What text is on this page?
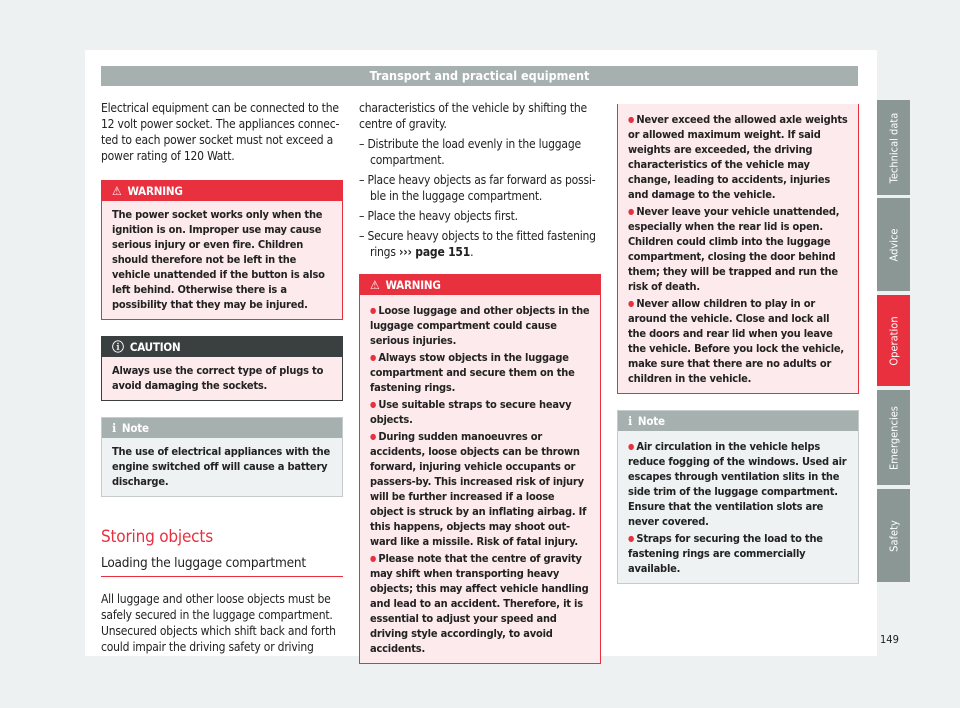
Transport and practical equipment

Electrical equipment can be connected to the 12 volt power socket. The appliances connected to each power socket must not exceed a power rating of 120 Watt.

⚠ WARNING
The power socket works only when the ignition is on. Improper use may cause serious injury or even fire. Children should therefore not be left in the vehicle unattended if the button is also left behind. Otherwise there is a possibility that they may be injured.
ⓘ CAUTION
Always use the correct type of plugs to avoid damaging the sockets.
ℹ Note
The use of electrical appliances with the engine switched off will cause a battery discharge.
Storing objects
Loading the luggage compartment

All luggage and other loose objects must be safely secured in the luggage compartment. Unsecured objects which shift back and forth could impair the driving safety or driving

characteristics of the vehicle by shifting the centre of gravity.

– Distribute the load evenly in the luggage compartment.

– Place heavy objects as far forward as possible in the luggage compartment.

– Place the heavy objects first.

– Secure heavy objects to the fitted fastening rings ››› page 151.

⚠ WARNING
● Loose luggage and other objects in the luggage compartment could cause serious injuries.
● Always stow objects in the luggage compartment and secure them on the fastening rings.
● Use suitable straps to secure heavy objects.
● During sudden manoeuvres or accidents, loose objects can be thrown forward, injuring vehicle occupants or passers-by. This increased risk of injury will be further increased if a loose object is struck by an inflating airbag. If this happens, objects may shoot outward like a missile. Risk of fatal injury.
● Please note that the centre of gravity may shift when transporting heavy objects; this may affect vehicle handling and lead to an accident. Therefore, it is essential to adjust your speed and driving style accordingly, to avoid accidents.
● Never exceed the allowed axle weights or allowed maximum weight. If said weights are exceeded, the driving characteristics of the vehicle may change, leading to accidents, injuries and damage to the vehicle.
● Never leave your vehicle unattended, especially when the rear lid is open. Children could climb into the luggage compartment, closing the door behind them; they will be trapped and run the risk of death.
● Never allow children to play in or around the vehicle. Close and lock all the doors and rear lid when you leave the vehicle. Before you lock the vehicle, make sure that there are no adults or children in the vehicle.
ℹ Note
● Air circulation in the vehicle helps reduce fogging of the windows. Used air escapes through ventilation slits in the side trim of the luggage compartment. Ensure that the ventilation slots are never covered.
● Straps for securing the load to the fastening rings are commercially available.
Technical data
Advice
Operation
Emergencies
Safety
149
